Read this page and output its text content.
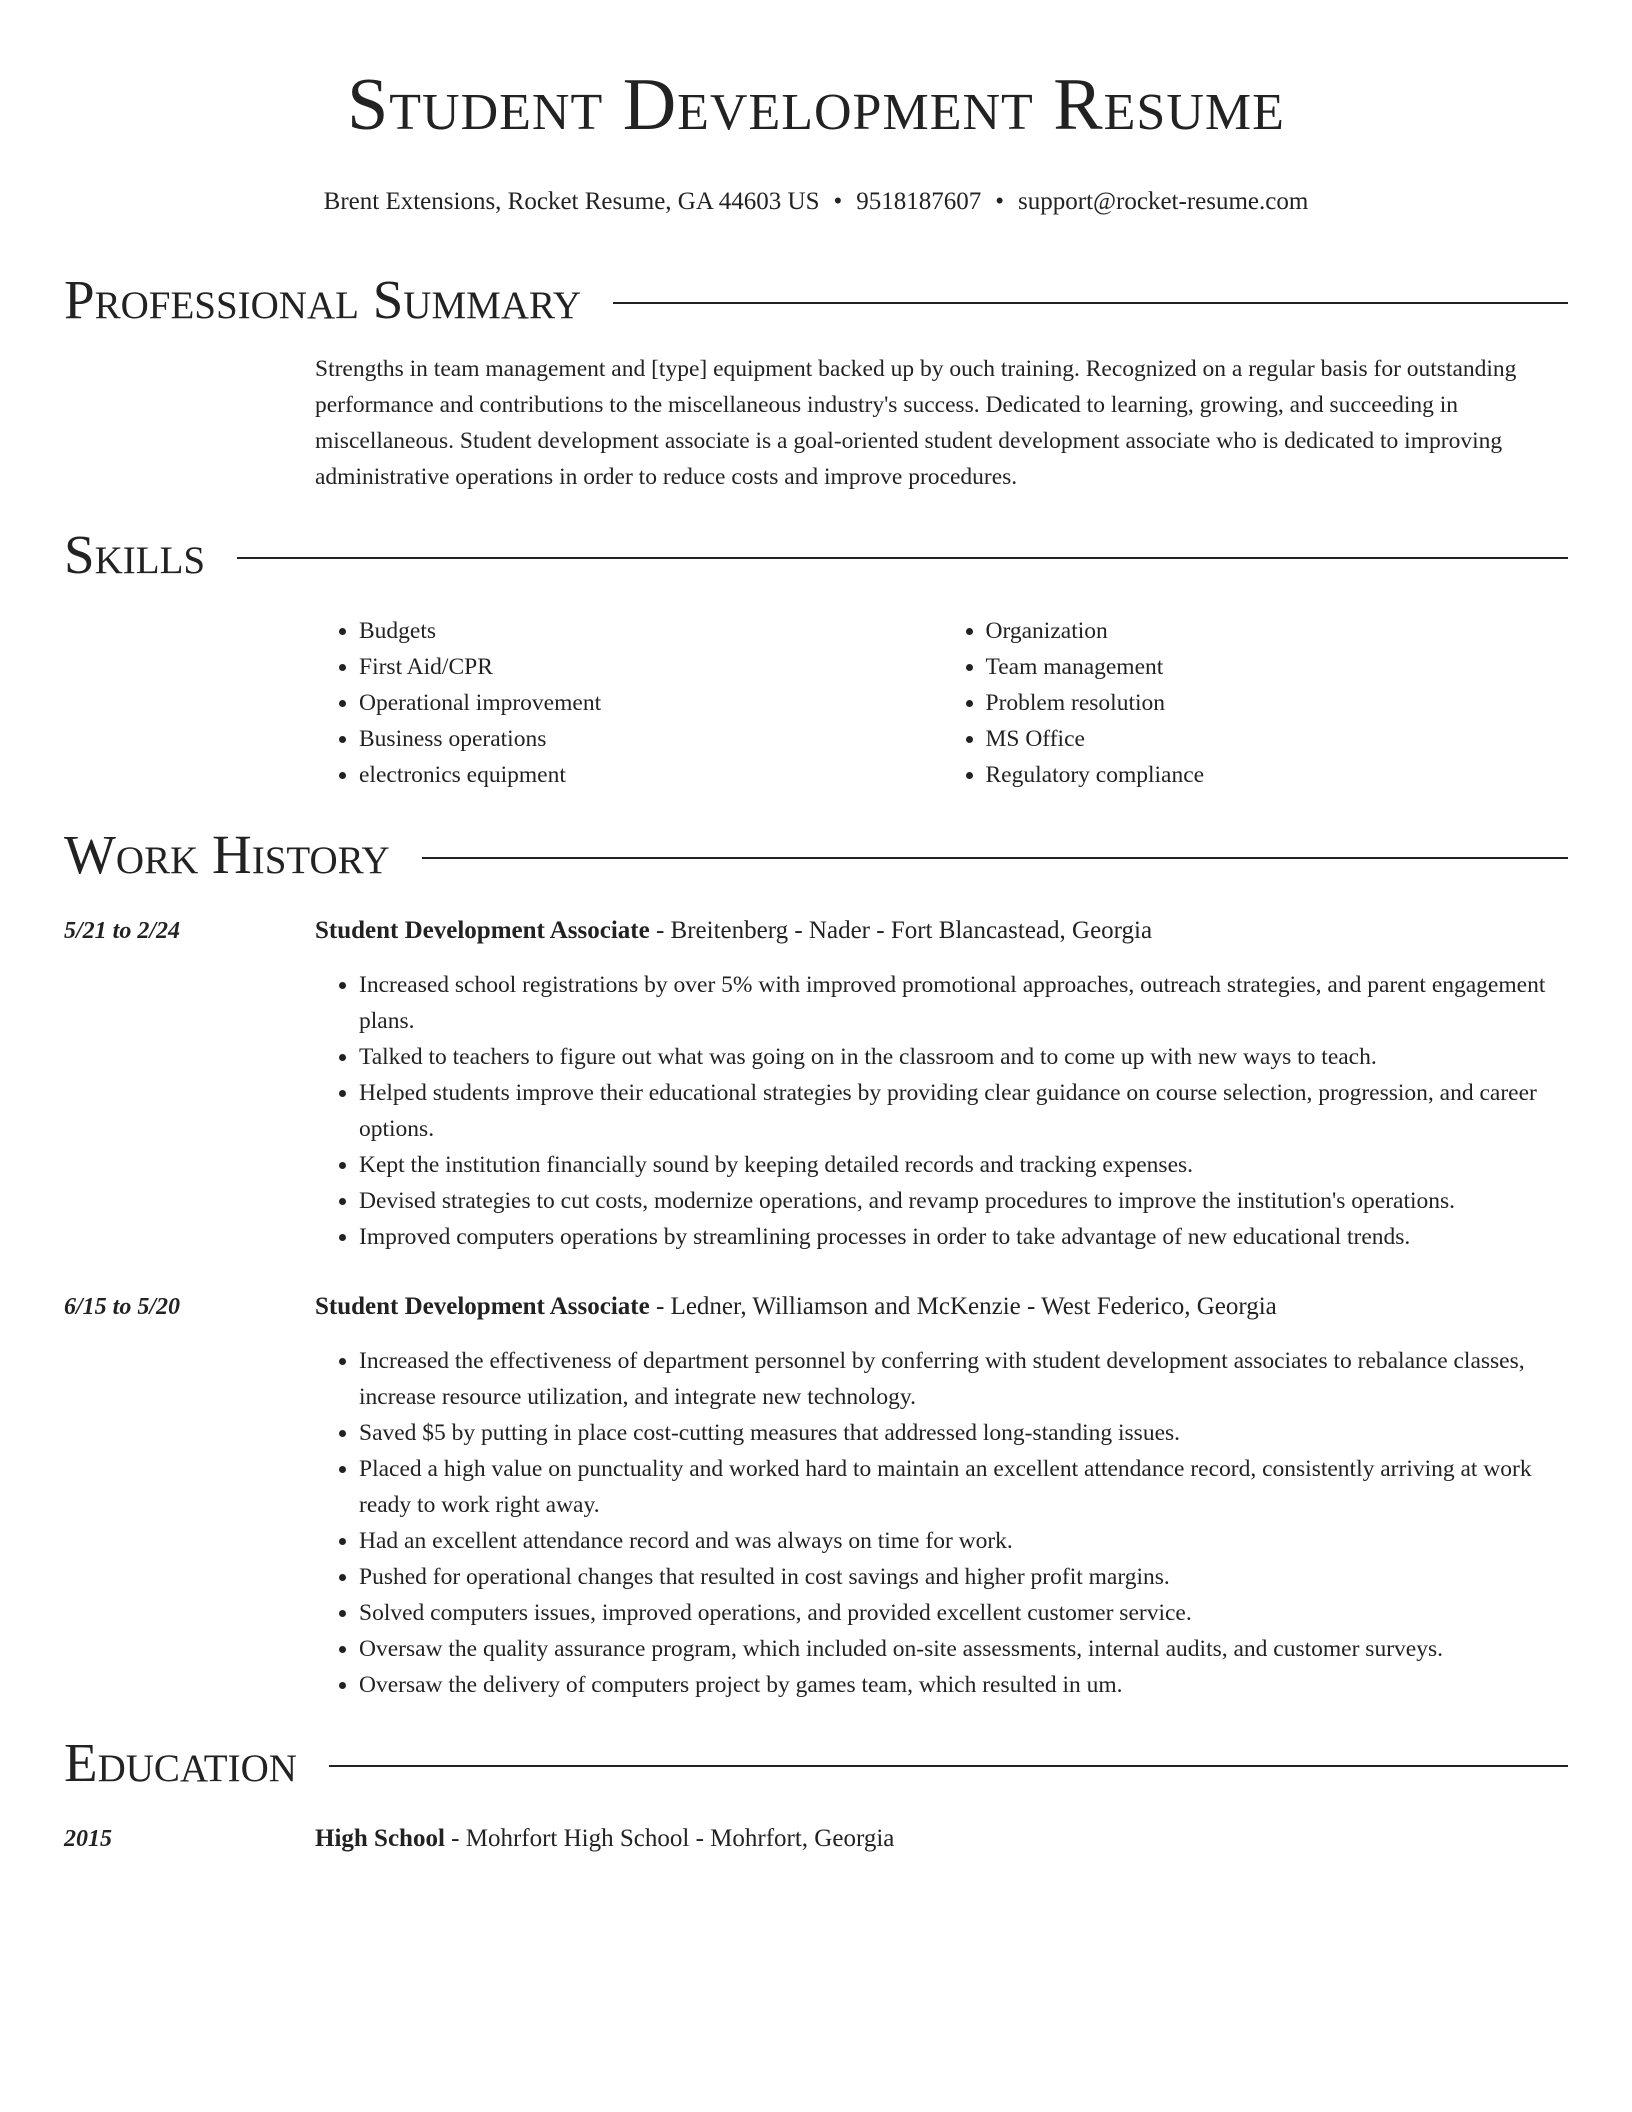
Student Development Resume
Brent Extensions, Rocket Resume, GA 44603 US • 9518187607 • support@rocket-resume.com
Professional Summary
Strengths in team management and [type] equipment backed up by ouch training. Recognized on a regular basis for outstanding performance and contributions to the miscellaneous industry's success. Dedicated to learning, growing, and succeeding in miscellaneous. Student development associate is a goal-oriented student development associate who is dedicated to improving administrative operations in order to reduce costs and improve procedures.
Skills
• Budgets
• First Aid/CPR
• Operational improvement
• Business operations
• electronics equipment
• Organization
• Team management
• Problem resolution
• MS Office
• Regulatory compliance
Work History
5/21 to 2/24	Student Development Associate - Breitenberg - Nader - Fort Blancastead, Georgia
• Increased school registrations by over 5% with improved promotional approaches, outreach strategies, and parent engagement plans.
• Talked to teachers to figure out what was going on in the classroom and to come up with new ways to teach.
• Helped students improve their educational strategies by providing clear guidance on course selection, progression, and career options.
• Kept the institution financially sound by keeping detailed records and tracking expenses.
• Devised strategies to cut costs, modernize operations, and revamp procedures to improve the institution's operations.
• Improved computers operations by streamlining processes in order to take advantage of new educational trends.
6/15 to 5/20	Student Development Associate - Ledner, Williamson and McKenzie - West Federico, Georgia
• Increased the effectiveness of department personnel by conferring with student development associates to rebalance classes, increase resource utilization, and integrate new technology.
• Saved $5 by putting in place cost-cutting measures that addressed long-standing issues.
• Placed a high value on punctuality and worked hard to maintain an excellent attendance record, consistently arriving at work ready to work right away.
• Had an excellent attendance record and was always on time for work.
• Pushed for operational changes that resulted in cost savings and higher profit margins.
• Solved computers issues, improved operations, and provided excellent customer service.
• Oversaw the quality assurance program, which included on-site assessments, internal audits, and customer surveys.
• Oversaw the delivery of computers project by games team, which resulted in um.
Education
2015	High School - Mohrfort High School - Mohrfort, Georgia
